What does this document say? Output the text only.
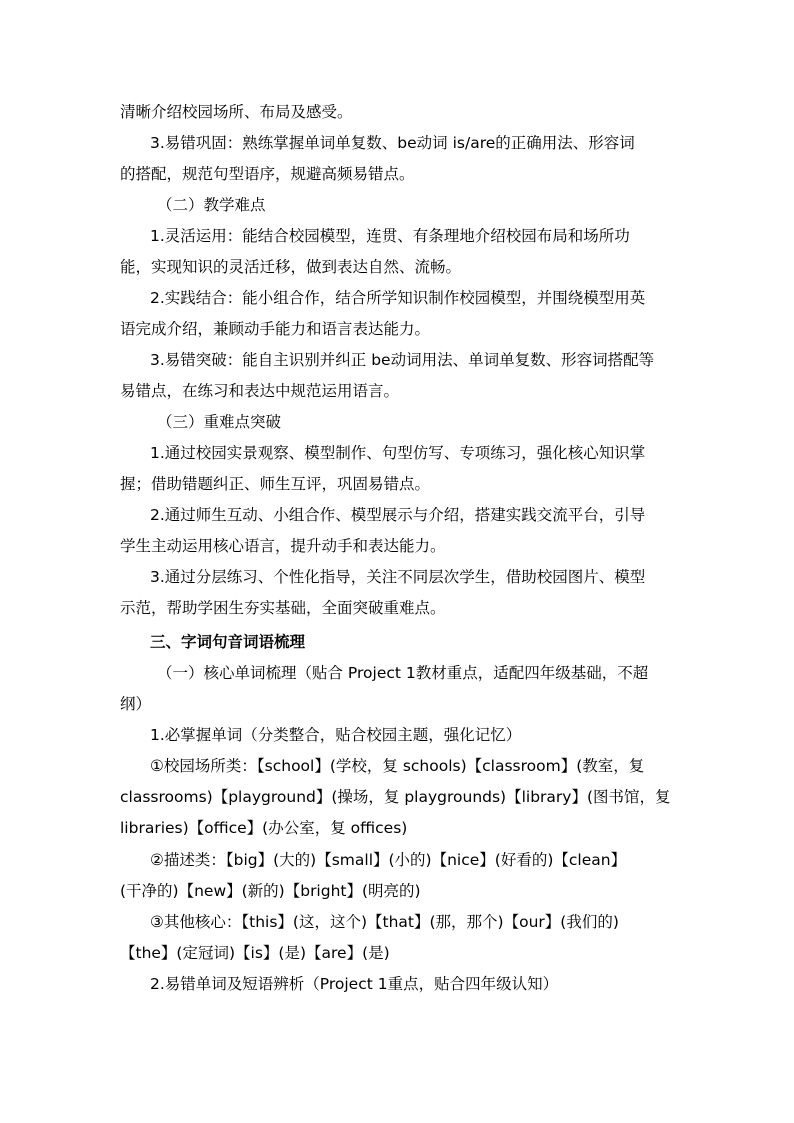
清晰介绍校园场所、布局及感受。
3.易错巩固：熟练掌握单词单复数、be动词 is/are的正确用法、形容词
的搭配，规范句型语序，规避高频易错点。
（二）教学难点
1.灵活运用：能结合校园模型，连贯、有条理地介绍校园布局和场所功
能，实现知识的灵活迁移，做到表达自然、流畅。
2.实践结合：能小组合作，结合所学知识制作校园模型，并围绕模型用英
语完成介绍，兼顾动手能力和语言表达能力。
3.易错突破：能自主识别并纠正 be动词用法、单词单复数、形容词搭配等
易错点，在练习和表达中规范运用语言。
（三）重难点突破
1.通过校园实景观察、模型制作、句型仿写、专项练习，强化核心知识掌
握；借助错题纠正、师生互评，巩固易错点。
2.通过师生互动、小组合作、模型展示与介绍，搭建实践交流平台，引导
学生主动运用核心语言，提升动手和表达能力。
3.通过分层练习、个性化指导，关注不同层次学生，借助校园图片、模型
示范，帮助学困生夯实基础，全面突破重难点。
三、字词句音词语梳理
（一）核心单词梳理（贴合 Project 1教材重点，适配四年级基础，不超
纲）
1.必掌握单词（分类整合，贴合校园主题，强化记忆）
①校园场所类：【school】(学校，复 schools)【classroom】(教室，复
classrooms)【playground】(操场，复 playgrounds)【library】(图书馆，复
libraries)【office】(办公室，复 offices)
②描述类：【big】(大的)【small】(小的)【nice】(好看的)【clean】
(干净的)【new】(新的)【bright】(明亮的)
③其他核心：【this】(这，这个)【that】(那，那个)【our】(我们的)
【the】(定冠词)【is】(是)【are】(是)
2.易错单词及短语辨析（Project 1重点，贴合四年级认知）
